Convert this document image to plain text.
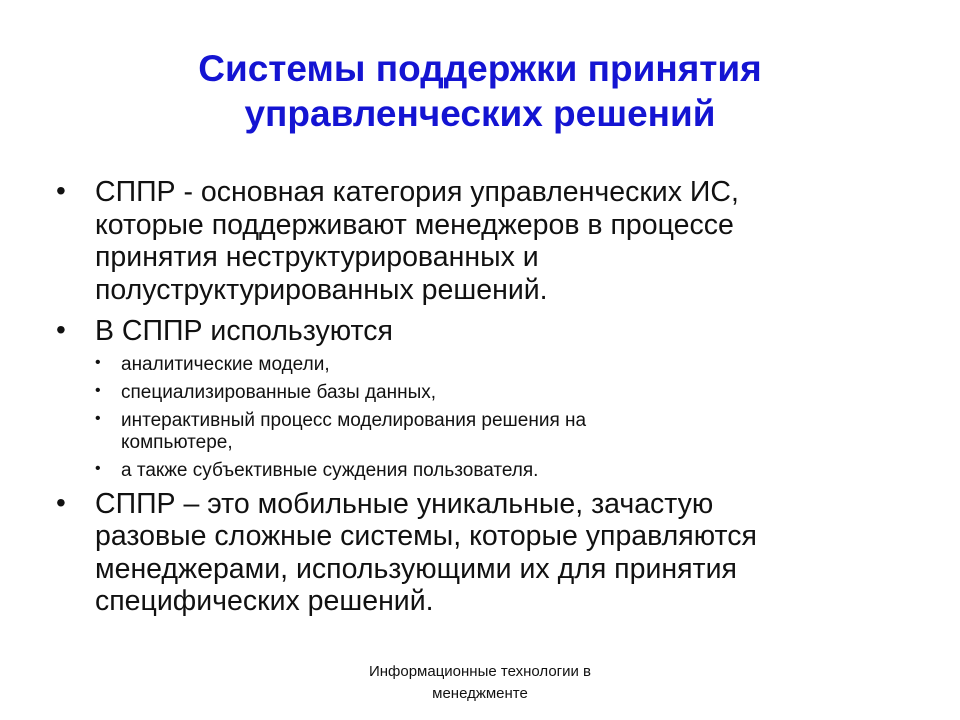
Системы поддержки принятия
управленческих решений
• СППР - основная категория управленческих ИС,
которые поддерживают менеджеров в процессе
принятия неструктурированных и
полуструктурированных решений.
• В СППР используются
• аналитические модели,
• специализированные базы данных,
• интерактивный процесс моделирования решения на
компьютере,
• а также субъективные суждения пользователя.
• СППР – это мобильные уникальные, зачастую
разовые сложные системы, которые управляются
менеджерами, использующими их для принятия
специфических решений.
Информационные технологии в
менеджменте
